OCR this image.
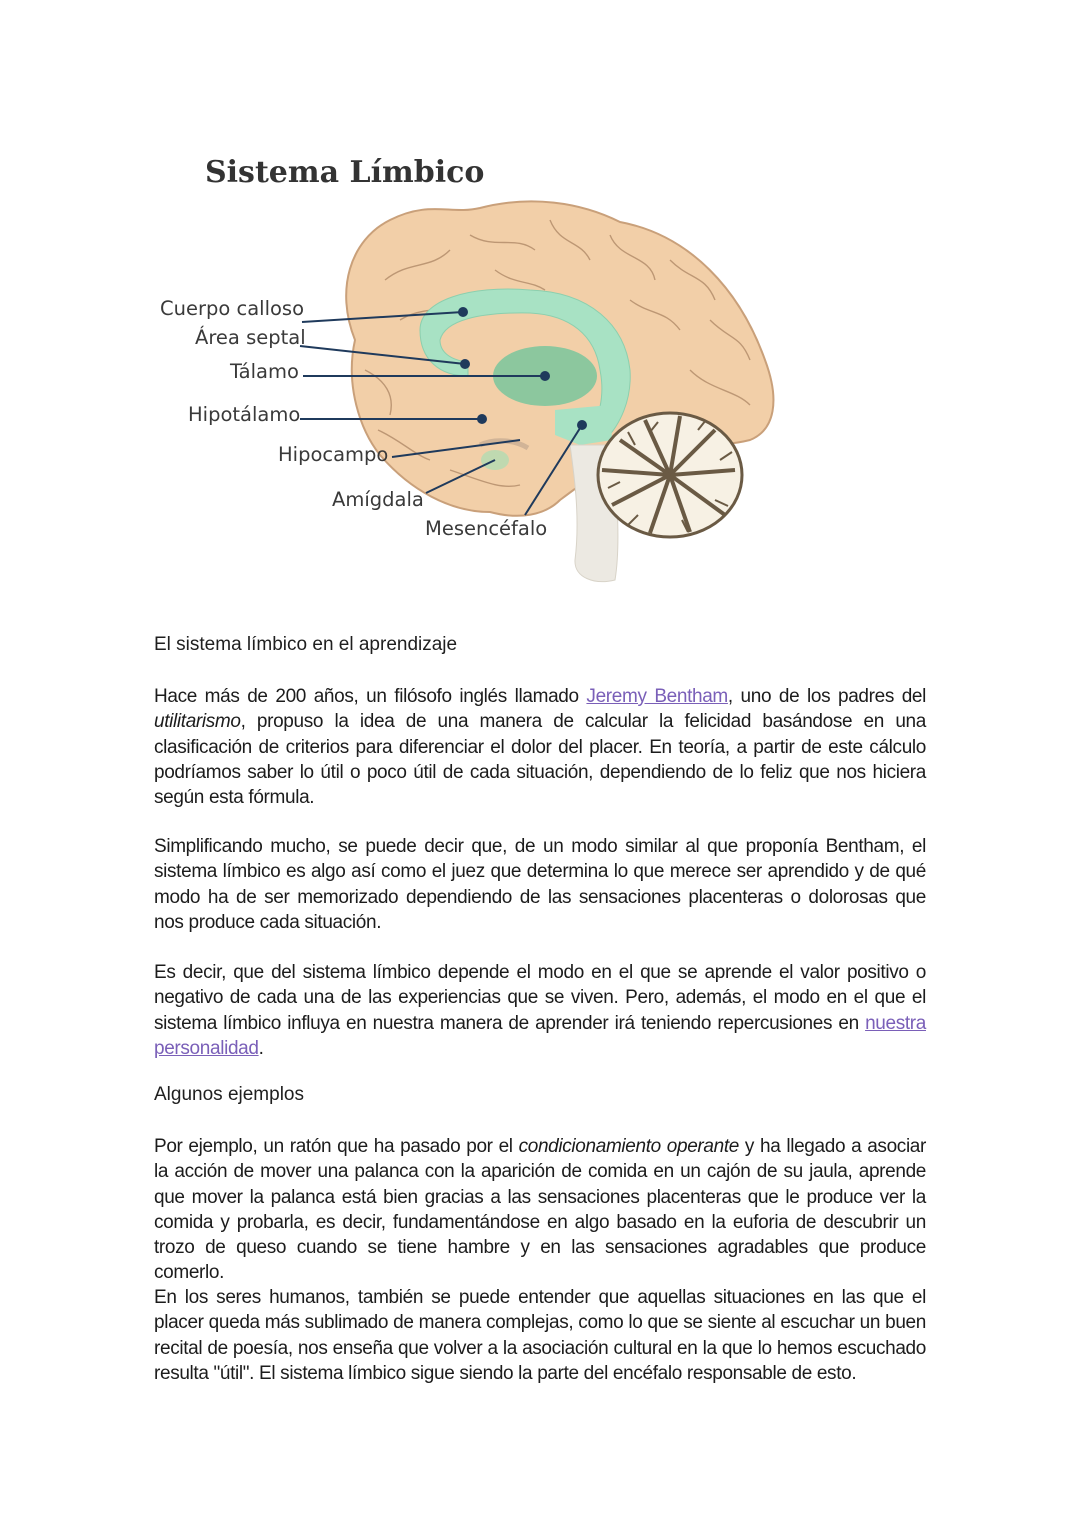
Sistema Límbico
Cuerpo calloso
Área septal
Tálamo
Hipotálamo
Hipocampo
Amígdala
Mesencéfalo
El sistema límbico en el aprendizaje

Hace más de 200 años, un filósofo inglés llamado Jeremy Bentham, uno de los padres del utilitarismo, propuso la idea de una manera de calcular la felicidad basándose en una clasificación de criterios para diferenciar el dolor del placer. En teoría, a partir de este cálculo podríamos saber lo útil o poco útil de cada situación, dependiendo de lo feliz que nos hiciera según esta fórmula.

Simplificando mucho, se puede decir que, de un modo similar al que proponía Bentham, el sistema límbico es algo así como el juez que determina lo que merece ser aprendido y de qué modo ha de ser memorizado dependiendo de las sensaciones placenteras o dolorosas que nos produce cada situación.

Es decir, que del sistema límbico depende el modo en el que se aprende el valor positivo o negativo de cada una de las experiencias que se viven. Pero, además, el modo en el que el sistema límbico influya en nuestra manera de aprender irá teniendo repercusiones en nuestra personalidad.

Algunos ejemplos

Por ejemplo, un ratón que ha pasado por el condicionamiento operante y ha llegado a asociar la acción de mover una palanca con la aparición de comida en un cajón de su jaula, aprende que mover la palanca está bien gracias a las sensaciones placenteras que le produce ver la comida y probarla, es decir, fundamentándose en algo basado en la euforia de descubrir un trozo de queso cuando se tiene hambre y en las sensaciones agradables que produce comerlo.

En los seres humanos, también se puede entender que aquellas situaciones en las que el placer queda más sublimado de manera complejas, como lo que se siente al escuchar un buen recital de poesía, nos enseña que volver a la asociación cultural en la que lo hemos escuchado resulta "útil". El sistema límbico sigue siendo la parte del encéfalo responsable de esto.
